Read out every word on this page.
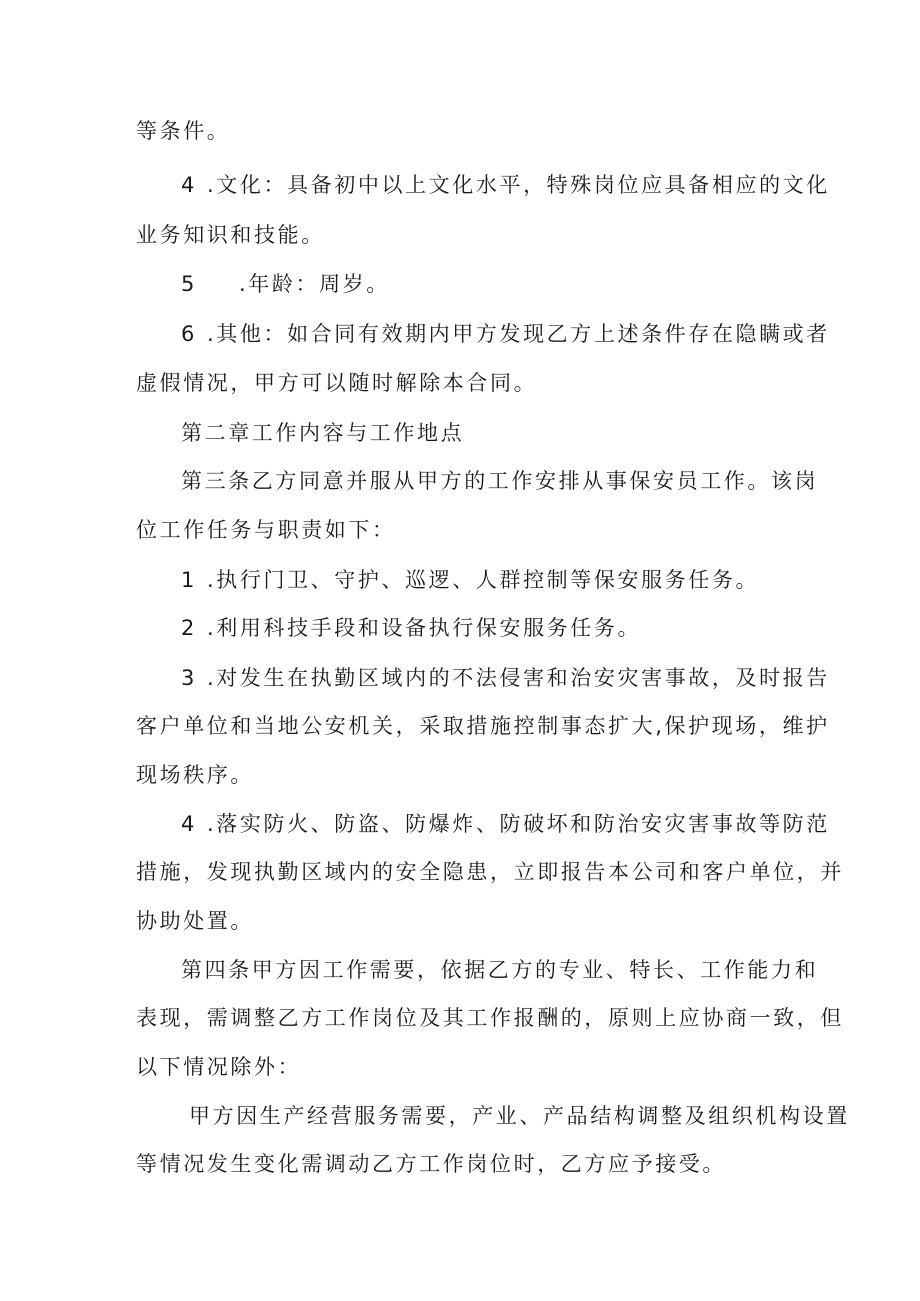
等条件。
4 .文化：具备初中以上文化水平，特殊岗位应具备相应的文化
业务知识和技能。
5 .年龄：周岁。
6 .其他：如合同有效期内甲方发现乙方上述条件存在隐瞒或者
虚假情况，甲方可以随时解除本合同。
第二章工作内容与工作地点
第三条乙方同意并服从甲方的工作安排从事保安员工作。该岗
位工作任务与职责如下：
1 .执行门卫、守护、巡逻、人群控制等保安服务任务。
2 .利用科技手段和设备执行保安服务任务。
3 .对发生在执勤区域内的不法侵害和治安灾害事故，及时报告
客户单位和当地公安机关，采取措施控制事态扩大,保护现场，维护
现场秩序。
4 .落实防火、防盗、防爆炸、防破坏和防治安灾害事故等防范
措施，发现执勤区域内的安全隐患，立即报告本公司和客户单位，并
协助处置。
第四条甲方因工作需要，依据乙方的专业、特长、工作能力和
表现，需调整乙方工作岗位及其工作报酬的，原则上应协商一致，但
以下情况除外：
甲方因生产经营服务需要，产业、产品结构调整及组织机构设置
等情况发生变化需调动乙方工作岗位时，乙方应予接受。
